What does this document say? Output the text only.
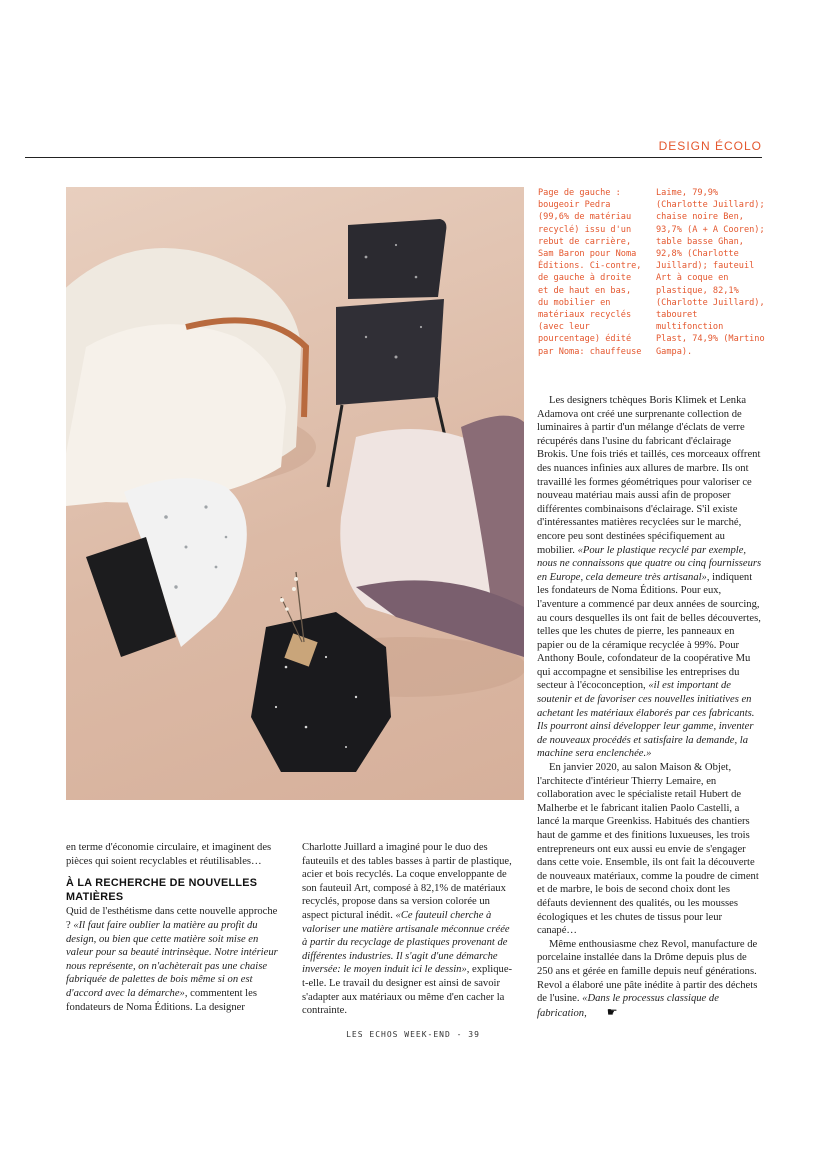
DESIGN ÉCOLO
Page de gauche :
bougeoir Pedra
(99,6% de matériau
recyclé) issu d'un
rebut de carrière,
Sam Baron pour Noma
Éditions. Ci-contre,
de gauche à droite
et de haut en bas,
du mobilier en
matériaux recyclés
(avec leur
pourcentage) édité
par Noma: chauffeuse
Laime, 79,9%
(Charlotte Juillard);
chaise noire Ben,
93,7% (A + A Cooren);
table basse Ghan,
92,8% (Charlotte
Juillard); fauteuil
Art à coque en
plastique, 82,1%
(Charlotte Juillard),
tabouret
multifonction
Plast, 74,9% (Martino
Gampa).

Les designers tchèques Boris Klimek et Lenka Adamova ont créé une surprenante collection de luminaires à partir d'un mélange d'éclats de verre récupérés dans l'usine du fabricant d'éclairage Brokis. Une fois triés et taillés, ces morceaux offrent des nuances infinies aux allures de marbre. Ils ont travaillé les formes géométriques pour valoriser ce nouveau matériau mais aussi afin de proposer différentes combinaisons d'éclairage. S'il existe d'intéressantes matières recyclées sur le marché, encore peu sont destinées spécifiquement au mobilier. «Pour le plastique recyclé par exemple, nous ne connaissons que quatre ou cinq fournisseurs en Europe, cela demeure très artisanal», indiquent les fondateurs de Noma Éditions. Pour eux, l'aventure a commencé par deux années de sourcing, au cours desquelles ils ont fait de belles découvertes, telles que les chutes de pierre, les panneaux en papier ou de la céramique recyclée à 99%. Pour Anthony Boule, cofondateur de la coopérative Mu qui accompagne et sensibilise les entreprises du secteur à l'écoconception, «il est important de soutenir et de favoriser ces nouvelles initiatives en achetant les matériaux élaborés par ces fabricants. Ils pourront ainsi développer leur gamme, inventer de nouveaux procédés et satisfaire la demande, la machine sera enclenchée.»

En janvier 2020, au salon Maison & Objet, l'architecte d'intérieur Thierry Lemaire, en collaboration avec le spécialiste retail Hubert de Malherbe et le fabricant italien Paolo Castelli, a lancé la marque Greenkiss. Habitués des chantiers haut de gamme et des finitions luxueuses, les trois entrepreneurs ont eux aussi eu envie de s'engager dans cette voie. Ensemble, ils ont fait la découverte de nouveaux matériaux, comme la poudre de ciment et de marbre, le bois de second choix dont les défauts deviennent des qualités, ou les mousses écologiques et les chutes de tissus pour leur canapé…

Même enthousiasme chez Revol, manufacture de porcelaine installée dans la Drôme depuis plus de 250 ans et gérée en famille depuis neuf générations. Revol a élaboré une pâte inédite à partir des déchets de l'usine. «Dans le processus classique de fabrication, ☛

en terme d'économie circulaire, et imaginent des pièces qui soient recyclables et réutilisables…

À LA RECHERCHE DE NOUVELLES MATIÈRES

Quid de l'esthétisme dans cette nouvelle approche ? «Il faut faire oublier la matière au profit du design, ou bien que cette matière soit mise en valeur pour sa beauté intrinsèque. Notre intérieur nous représente, on n'achèterait pas une chaise fabriquée de palettes de bois même si on est d'accord avec la démarche», commentent les fondateurs de Noma Éditions. La designer

Charlotte Juillard a imaginé pour le duo des fauteuils et des tables basses à partir de plastique, acier et bois recyclés. La coque enveloppante de son fauteuil Art, composé à 82,1% de matériaux recyclés, propose dans sa version colorée un aspect pictural inédit. «Ce fauteuil cherche à valoriser une matière artisanale méconnue créée à partir du recyclage de plastiques provenant de différentes industries. Il s'agit d'une démarche inversée: le moyen induit ici le dessin», explique-t-elle. Le travail du designer est ainsi de savoir s'adapter aux matériaux ou même d'en cacher la contrainte.

LES ECHOS WEEK-END - 39
